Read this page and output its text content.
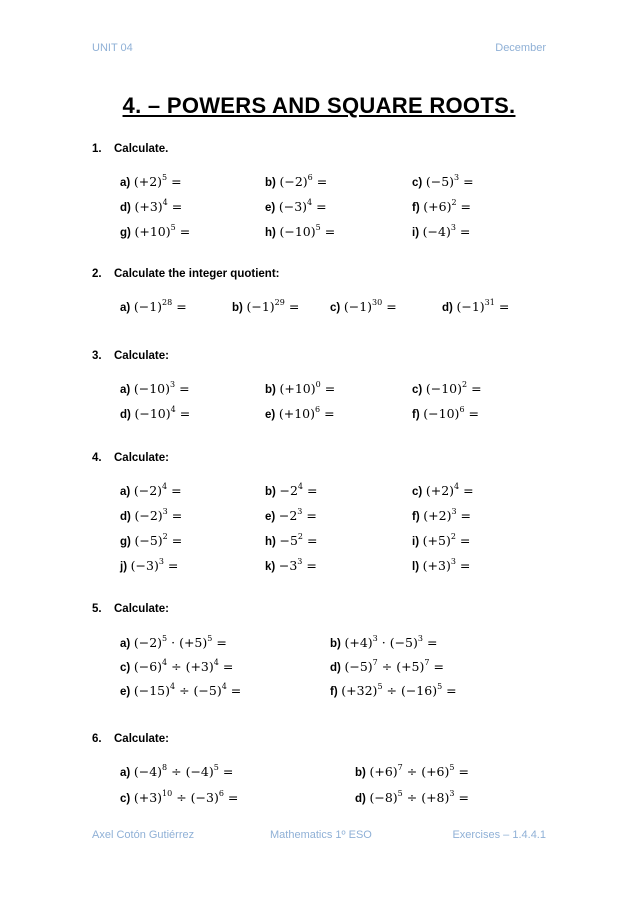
UNIT 04	December
4. – POWERS AND SQUARE ROOTS.
1. Calculate.
a) $(+2)^5$ =	b) $(-2)^6$ =	c) $(-5)^3$ =
d) $(+3)^4$ =	e) $(-3)^4$ =	f) $(+6)^2$ =
g) $(+10)^5$ =	h) $(-10)^5$ =	i) $(-4)^3$ =
2. Calculate the integer quotient:
a) $(-1)^{28}$ =	b) $(-1)^{29}$ =	c) $(-1)^{30}$ =	d) $(-1)^{31}$ =
3. Calculate:
a) $(-10)^3$ =	b) $(+10)^0$ =	c) $(-10)^2$ =
d) $(-10)^4$ =	e) $(+10)^6$ =	f) $(-10)^6$ =
4. Calculate:
a) $(-2)^4$ =	$b) -2^4$ =	c) $(+2)^4$ =
d) $(-2)^3$ =	$e) -2^3$ =	f) $(+2)^3$ =
g) $(-5)^2$ =	$h) -5^2$ =	i) $(+5)^2$ =
j) $(-3)^3$ =	$k) -3^3$ =	l) $(+3)^3$ =
5. Calculate:
a) $(-2)^5 \cdot (+5)^5$ =	b) $(+4)^3 \cdot (-5)^3$ =
c) $(-6)^4 \div (+3)^4$ =	d) $(-5)^7 \div (+5)^7$ =
e) $(-15)^4 \div (-5)^4$ =	f) $(+32)^5 \div (-16)^5$ =
6. Calculate:
a) $(-4)^8 \div (-4)^5$ =	b) $(+6)^7 \div (+6)^5$ =
c) $(+3)^{10} \div (-3)^6$ =	d) $(-8)^5 \div (+8)^3$ =
Axel Cotón Gutiérrez	Mathematics 1º ESO	Exercises – 1.4.4.1
